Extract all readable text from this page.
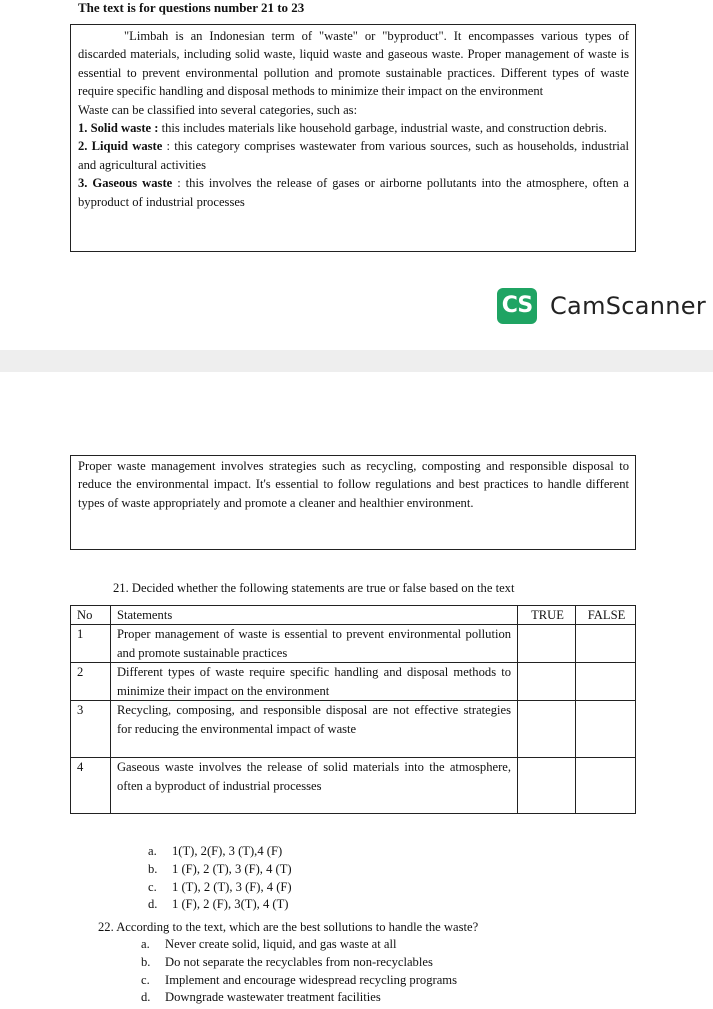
The text is for questions number 21 to 23

"Limbah is an Indonesian term of "waste" or "byproduct". It encompasses various types of discarded materials, including solid waste, liquid waste and gaseous waste. Proper management of waste is essential to prevent environmental pollution and promote sustainable practices. Different types of waste require specific handling and disposal methods to minimize their impact on the environment

Waste can be classified into several categories, such as:

1. Solid waste : this includes materials like household garbage, industrial waste, and construction debris.

2. Liquid waste : this category comprises wastewater from various sources, such as households, industrial and agricultural activities

3. Gaseous waste : this involves the release of gases or airborne pollutants into the atmosphere, often a byproduct of industrial processes

CS CamScanner

Proper waste management involves strategies such as recycling, composting and responsible disposal to reduce the environmental impact. It's essential to follow regulations and best practices to handle different types of waste appropriately and promote a cleaner and healthier environment.

21. Decided whether the following statements are true or false based on the text
No	Statements	TRUE	FALSE
1	Proper management of waste is essential to prevent environmental pollution and promote sustainable practices		
2	Different types of waste require specific handling and disposal methods to minimize their impact on the environment		
3	Recycling, composing, and responsible disposal are not effective strategies for reducing the environmental impact of waste		
4	Gaseous waste involves the release of solid materials into the atmosphere, often a byproduct of industrial processes		
a.	1(T), 2(F), 3 (T),4 (F)
b.	1 (F), 2 (T), 3 (F), 4 (T)
c.	1 (T), 2 (T), 3 (F), 4 (F)
d.	1 (F), 2 (F), 3(T), 4 (T)
22. According to the text, which are the best sollutions to handle the waste?
a.	Never create solid, liquid, and gas waste at all
b.	Do not separate the recyclables from non-recyclables
c.	Implement and encourage widespread recycling programs
d.	Downgrade wastewater treatment facilities
